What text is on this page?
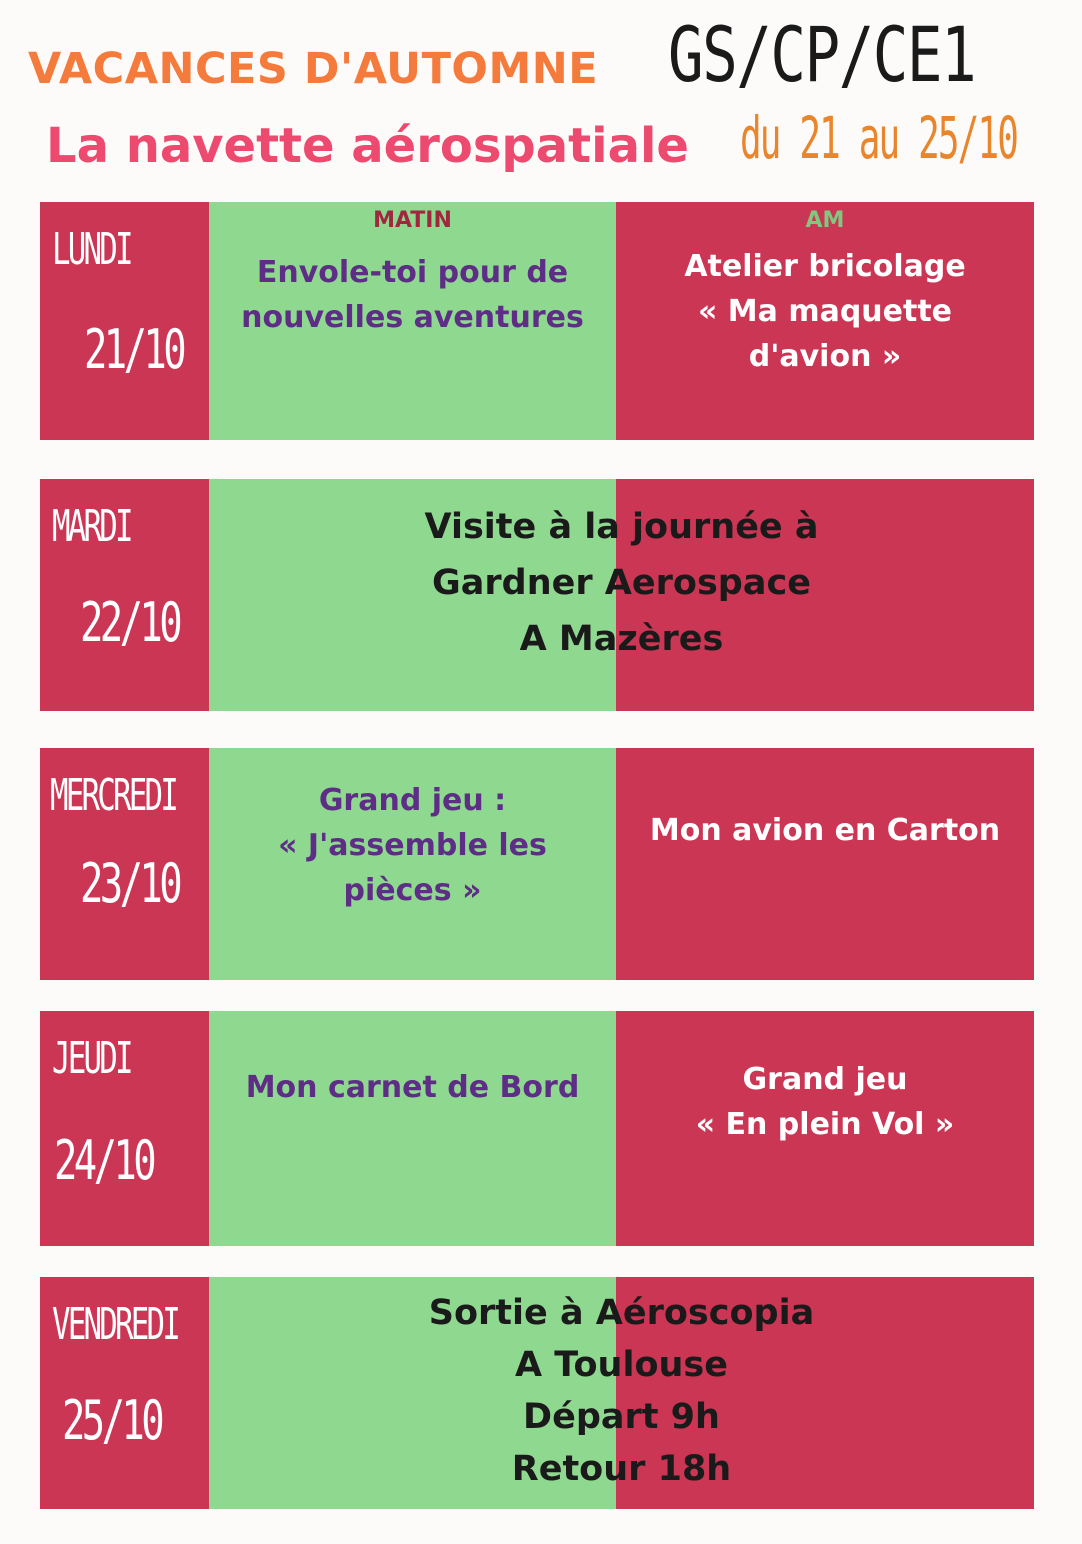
VACANCES D'AUTOMNE
La navette aérospatiale
GS/CP/CE1
du 21 au 25/10
LUNDI
21/10
MATIN
Envole-toi pour de
nouvelles aventures
AM
Atelier bricolage
« Ma maquette
d'avion »
MARDI
22/10
Visite à la journée à
Gardner Aerospace
A Mazères
MERCREDI
23/10
Grand jeu :
« J'assemble les
pièces »
Mon avion en Carton
JEUDI
24/10
Mon carnet de Bord	Grand jeu
« En plein Vol »
VENDREDI
25/10
Sortie à Aéroscopia
A Toulouse
Départ 9h
Retour 18h
